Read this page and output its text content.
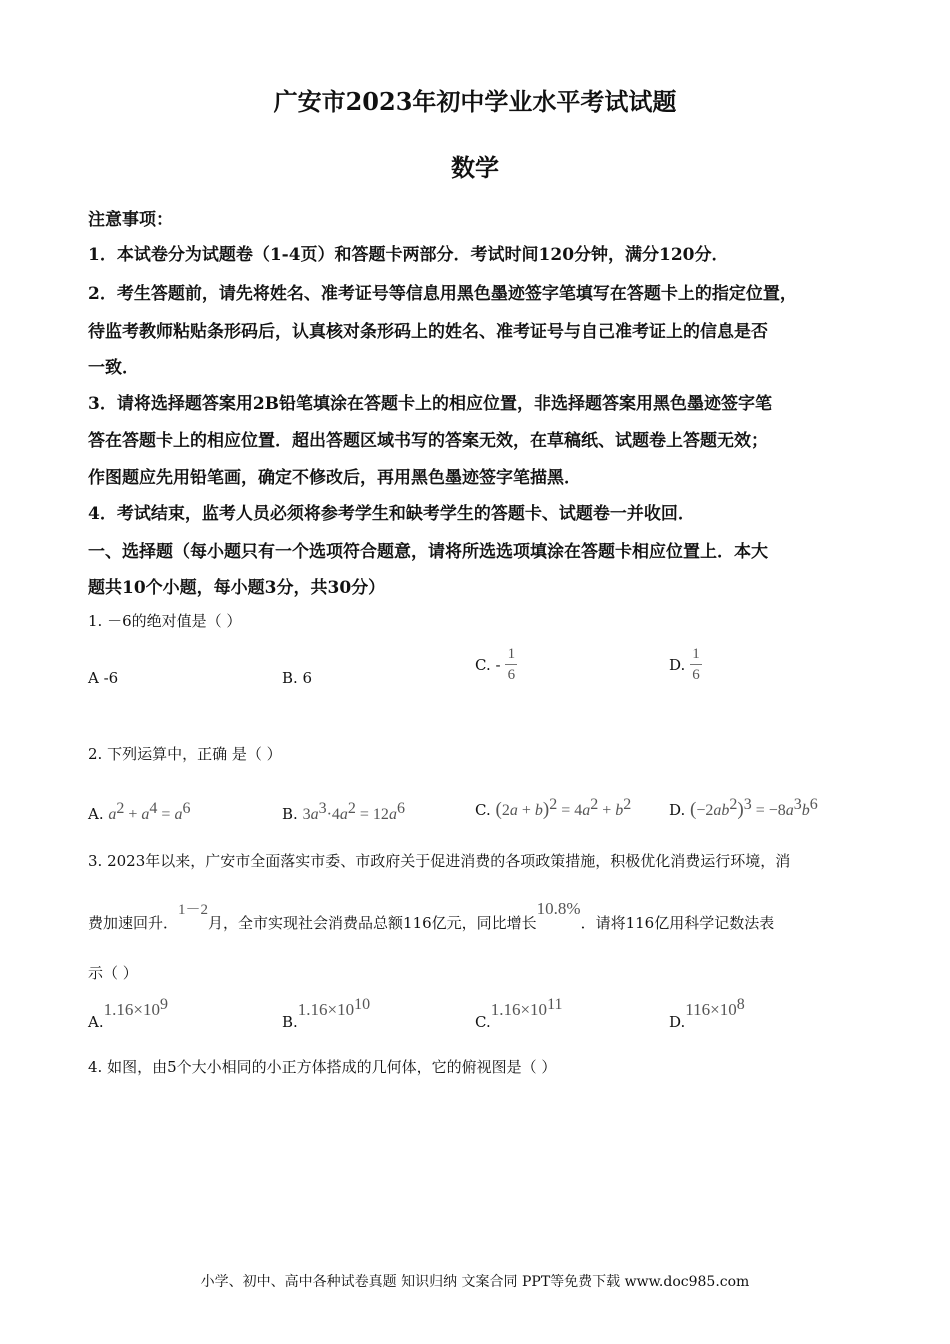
广安市2023年初中学业水平考试试题
数学
注意事项：
1．本试卷分为试题卷（1-4页）和答题卡两部分．考试时间120分钟，满分120分．
2．考生答题前，请先将姓名、准考证号等信息用黑色墨迹签字笔填写在答题卡上的指定位置，
待监考教师粘贴条形码后，认真核对条形码上的姓名、准考证号与自己准考证上的信息是否
一致．
3．请将选择题答案用2B铅笔填涂在答题卡上的相应位置，非选择题答案用黑色墨迹签字笔
答在答题卡上的相应位置．超出答题区域书写的答案无效，在草稿纸、试题卷上答题无效；
作图题应先用铅笔画，确定不修改后，再用黑色墨迹签字笔描黑．
4．考试结束，监考人员必须将参考学生和缺考学生的答题卡、试题卷一并收回．
一、选择题（每小题只有一个选项符合题意，请将所选选项填涂在答题卡相应位置上．本大
题共10个小题，每小题3分，共30分）
1. －6的绝对值是（ ）
A -6	B. 6
C. - $\frac{1}{6}$	D. $\frac{1}{6}$
2. 下列运算中，正确 是（ ）
A. $a^2 + a^4 = a^6$	B. $3a^3\cdot 4a^2 = 12a^6$	C. $(2a + b)^2 = 4a^2 + b^2$	D. $(-2ab^2)^3 = -8a^3b^6$
3. 2023年以来，广安市全面落实市委、市政府关于促进消费的各项政策措施，积极优化消费运行环境，消
费加速回升．1－2月，全市实现社会消费品总额116亿元，同比增长10.8%．请将116亿用科学记数法表
示（ ）
$A.1.16\times 10^9$
$B.1.16\times 10^{10}$
$C.1.16\times 10^{11}$
$D.116\times 10^8$
4. 如图，由5个大小相同的小正方体搭成的几何体，它的俯视图是（ ）
小学、初中、高中各种试卷真题 知识归纳 文案合同 PPT等免费下载 www.doc985.com
